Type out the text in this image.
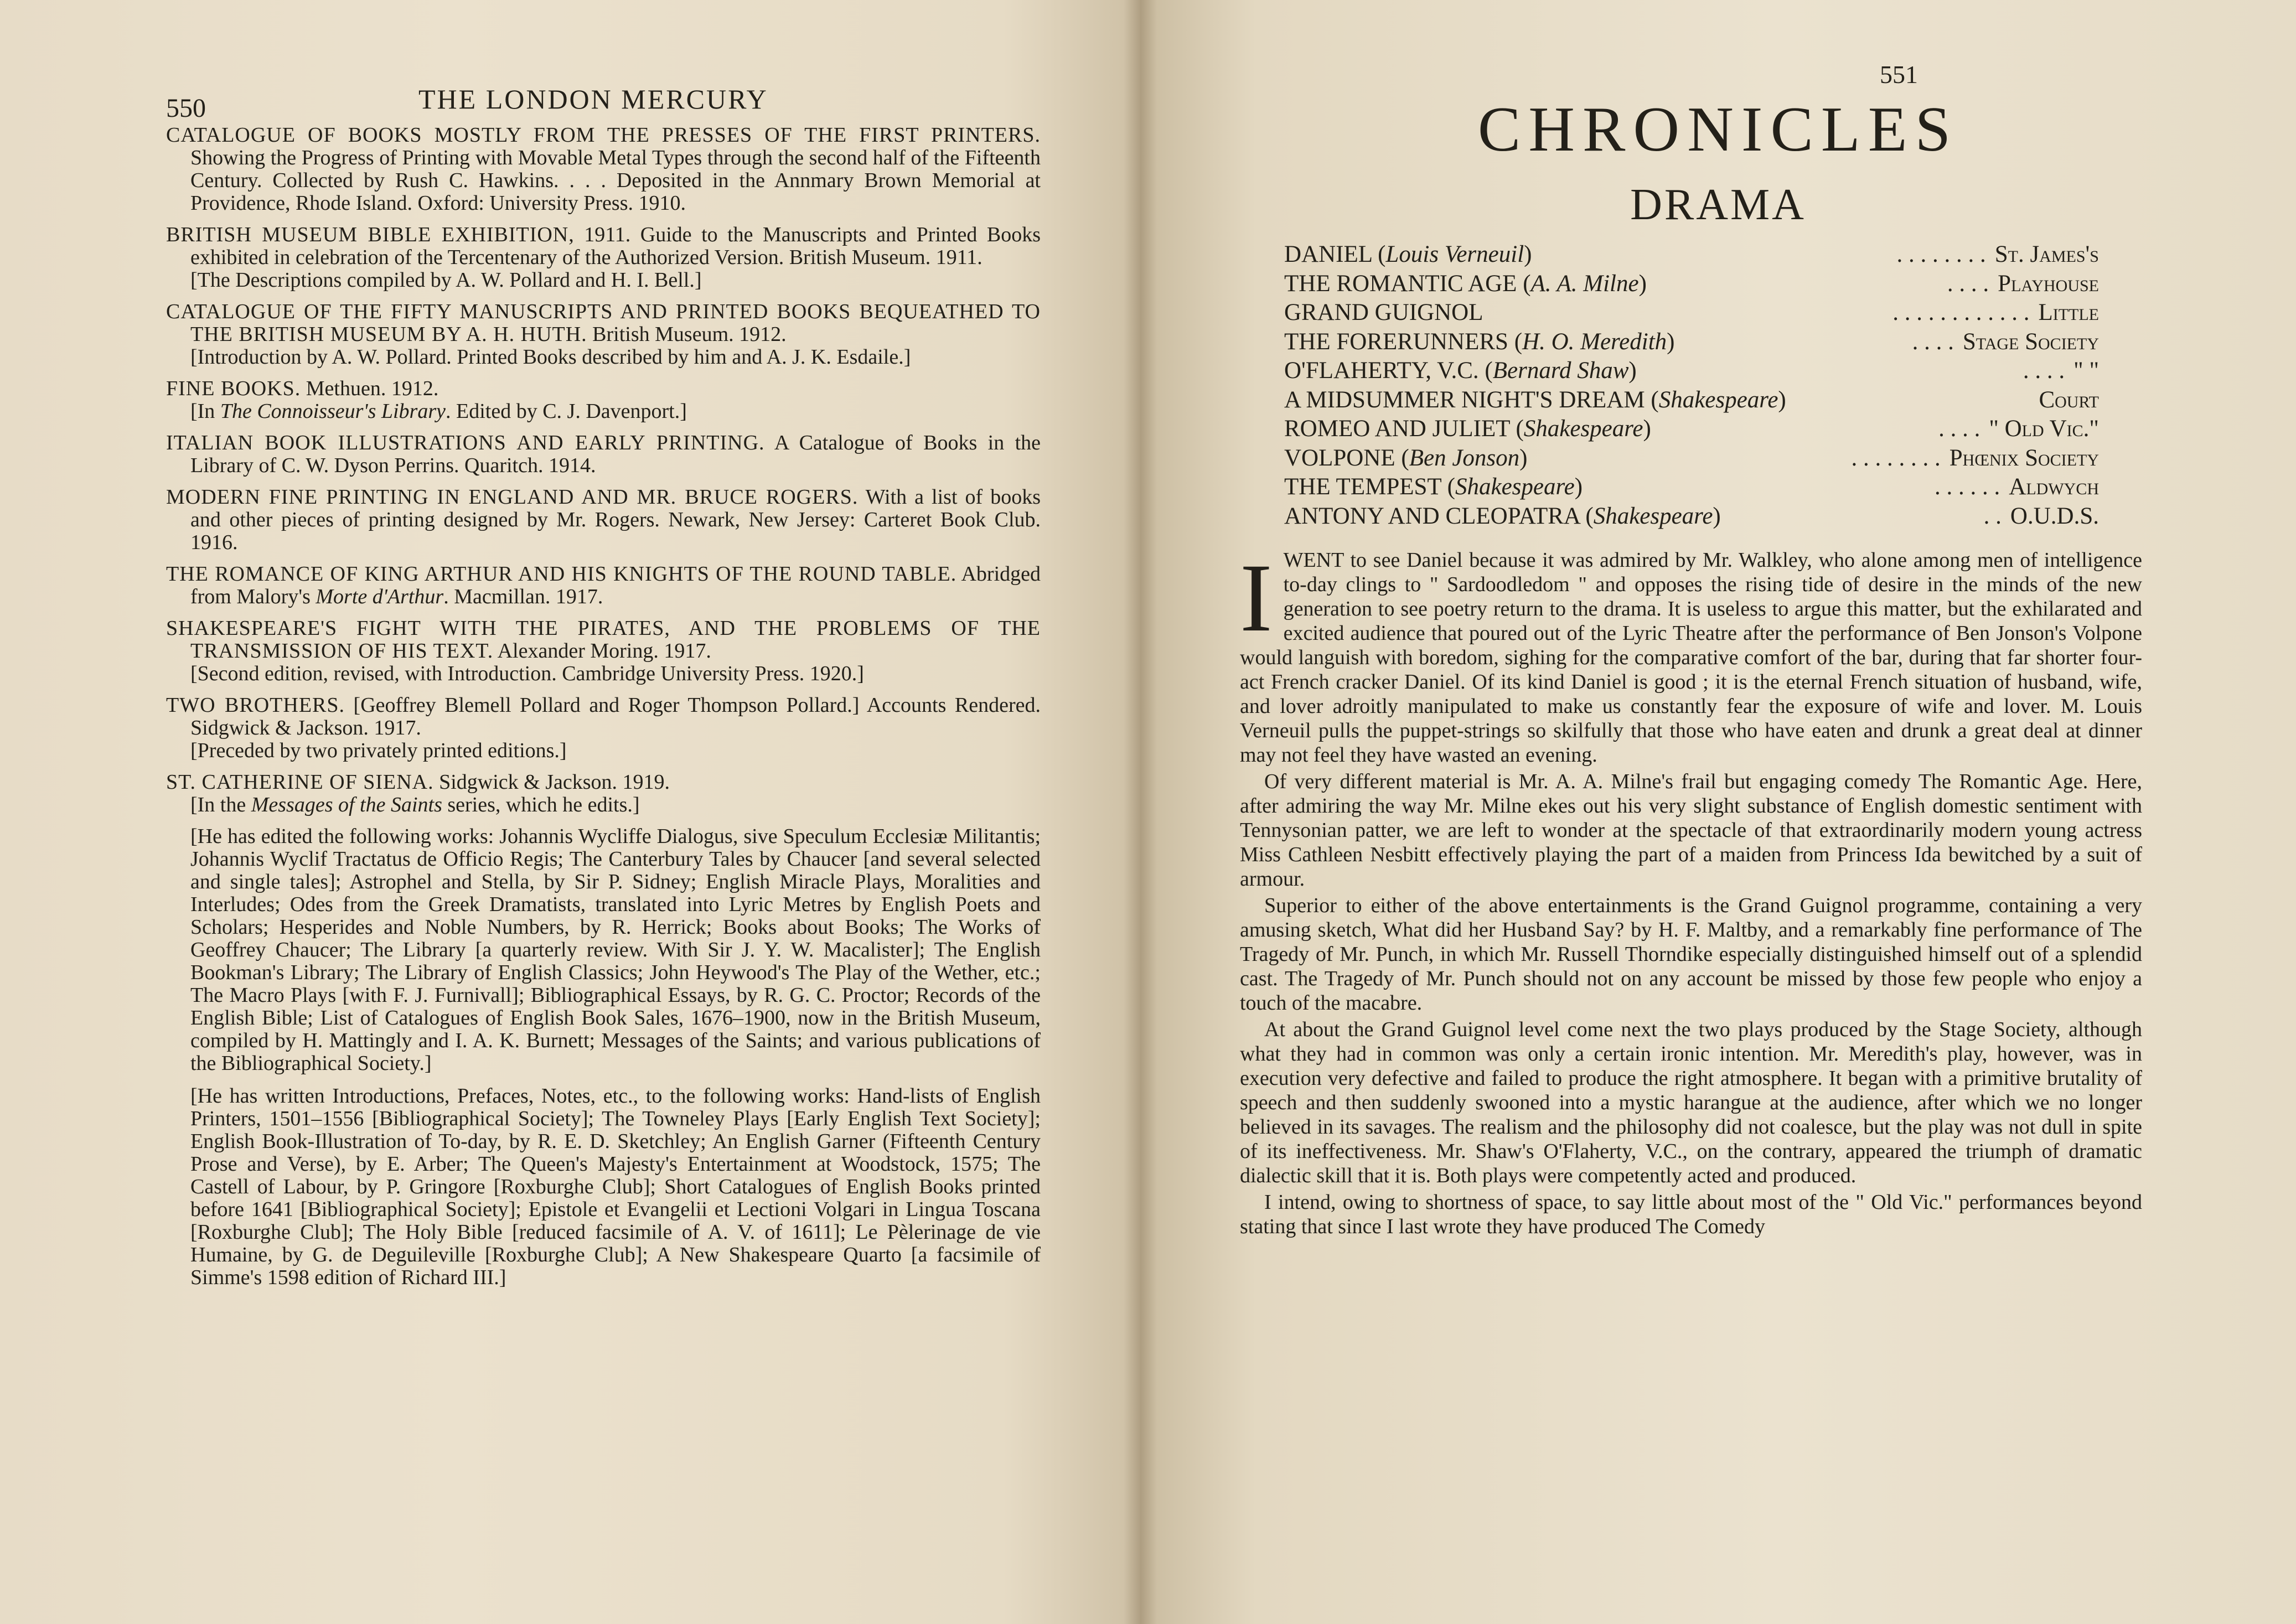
550	THE LONDON MERCURY
CATALOGUE OF BOOKS MOSTLY FROM THE PRESSES OF THE FIRST PRINTERS. Showing the Progress of Printing with Movable Metal Types through the second half of the Fifteenth Century. Collected by Rush C. Hawkins. . . . Deposited in the Annmary Brown Memorial at Providence, Rhode Island. Oxford: University Press. 1910.
BRITISH MUSEUM BIBLE EXHIBITION, 1911. Guide to the Manuscripts and Printed Books exhibited in celebration of the Tercentenary of the Authorized Version. British Museum. 1911.
[The Descriptions compiled by A. W. Pollard and H. I. Bell.]
CATALOGUE OF THE FIFTY MANUSCRIPTS AND PRINTED BOOKS BEQUEATHED TO THE BRITISH MUSEUM BY A. H. HUTH. British Museum. 1912.
[Introduction by A. W. Pollard. Printed Books described by him and A. J. K. Esdaile.]
FINE BOOKS. Methuen. 1912.
[In The Connoisseur's Library. Edited by C. J. Davenport.]
ITALIAN BOOK ILLUSTRATIONS AND EARLY PRINTING. A Catalogue of Books in the Library of C. W. Dyson Perrins. Quaritch. 1914.
MODERN FINE PRINTING IN ENGLAND AND MR. BRUCE ROGERS. With a list of books and other pieces of printing designed by Mr. Rogers. Newark, New Jersey: Carteret Book Club. 1916.
THE ROMANCE OF KING ARTHUR AND HIS KNIGHTS OF THE ROUND TABLE. Abridged from Malory's Morte d'Arthur. Macmillan. 1917.
SHAKESPEARE'S FIGHT WITH THE PIRATES, AND THE PROBLEMS OF THE TRANSMISSION OF HIS TEXT. Alexander Moring. 1917.
[Second edition, revised, with Introduction. Cambridge University Press. 1920.]
TWO BROTHERS. [Geoffrey Blemell Pollard and Roger Thompson Pollard.] Accounts Rendered. Sidgwick & Jackson. 1917.
[Preceded by two privately printed editions.]
ST. CATHERINE OF SIENA. Sidgwick & Jackson. 1919.
[In the Messages of the Saints series, which he edits.]

[He has edited the following works: Johannis Wycliffe Dialogus, sive Speculum Ecclesiæ Militantis; Johannis Wyclif Tractatus de Officio Regis; The Canterbury Tales by Chaucer [and several selected and single tales]; Astrophel and Stella, by Sir P. Sidney; English Miracle Plays, Moralities and Interludes; Odes from the Greek Dramatists, translated into Lyric Metres by English Poets and Scholars; Hesperides and Noble Numbers, by R. Herrick; Books about Books; The Works of Geoffrey Chaucer; The Library [a quarterly review. With Sir J. Y. W. Macalister]; The English Bookman's Library; The Library of English Classics; John Heywood's The Play of the Wether, etc.; The Macro Plays [with F. J. Furnivall]; Bibliographical Essays, by R. G. C. Proctor; Records of the English Bible; List of Catalogues of English Book Sales, 1676–1900, now in the British Museum, compiled by H. Mattingly and I. A. K. Burnett; Messages of the Saints; and various publications of the Bibliographical Society.]

[He has written Introductions, Prefaces, Notes, etc., to the following works: Hand-lists of English Printers, 1501–1556 [Bibliographical Society]; The Towneley Plays [Early English Text Society]; English Book-Illustration of To-day, by R. E. D. Sketchley; An English Garner (Fifteenth Century Prose and Verse), by E. Arber; The Queen's Majesty's Entertainment at Woodstock, 1575; The Castell of Labour, by P. Gringore [Roxburghe Club]; Short Catalogues of English Books printed before 1641 [Bibliographical Society]; Epistole et Evangelii et Lectioni Volgari in Lingua Toscana [Roxburghe Club]; The Holy Bible [reduced facsimile of A. V. of 1611]; Le Pèlerinage de vie Humaine, by G. de Deguileville [Roxburghe Club]; A New Shakespeare Quarto [a facsimile of Simme's 1598 edition of Richard III.]

551
CHRONICLES
DRAMA
DANIEL (Louis Verneuil)	. . . . . . . . St. James's
THE ROMANTIC AGE (A. A. Milne)	. . . . Playhouse
GRAND GUIGNOL	. . . . . . . . . . . . Little
THE FORERUNNERS (H. O. Meredith)	. . . . Stage Society
O'FLAHERTY, V.C. (Bernard Shaw)	. . . . " "
A MIDSUMMER NIGHT'S DREAM (Shakespeare)	Court
ROMEO AND JULIET (Shakespeare)	. . . . " Old Vic."
VOLPONE (Ben Jonson)	. . . . . . . . Phœnix Society
THE TEMPEST (Shakespeare)	. . . . . . Aldwych
ANTONY AND CLEOPATRA (Shakespeare)	. . O.U.D.S.

I WENT to see Daniel because it was admired by Mr. Walkley, who alone among men of intelligence to-day clings to " Sardoodledom " and opposes the rising tide of desire in the minds of the new generation to see poetry return to the drama. It is useless to argue this matter, but the exhilarated and excited audience that poured out of the Lyric Theatre after the performance of Ben Jonson's Volpone would languish with boredom, sighing for the comparative comfort of the bar, during that far shorter four-act French cracker Daniel. Of its kind Daniel is good ; it is the eternal French situation of husband, wife, and lover adroitly manipulated to make us constantly fear the exposure of wife and lover. M. Louis Verneuil pulls the puppet-strings so skilfully that those who have eaten and drunk a great deal at dinner may not feel they have wasted an evening.

Of very different material is Mr. A. A. Milne's frail but engaging comedy The Romantic Age. Here, after admiring the way Mr. Milne ekes out his very slight substance of English domestic sentiment with Tennysonian patter, we are left to wonder at the spectacle of that extraordinarily modern young actress Miss Cathleen Nesbitt effectively playing the part of a maiden from Princess Ida bewitched by a suit of armour.

Superior to either of the above entertainments is the Grand Guignol programme, containing a very amusing sketch, What did her Husband Say? by H. F. Maltby, and a remarkably fine performance of The Tragedy of Mr. Punch, in which Mr. Russell Thorndike especially distinguished himself out of a splendid cast. The Tragedy of Mr. Punch should not on any account be missed by those few people who enjoy a touch of the macabre.

At about the Grand Guignol level come next the two plays produced by the Stage Society, although what they had in common was only a certain ironic intention. Mr. Meredith's play, however, was in execution very defective and failed to produce the right atmosphere. It began with a primitive brutality of speech and then suddenly swooned into a mystic harangue at the audience, after which we no longer believed in its savages. The realism and the philosophy did not coalesce, but the play was not dull in spite of its ineffectiveness. Mr. Shaw's O'Flaherty, V.C., on the contrary, appeared the triumph of dramatic dialectic skill that it is. Both plays were competently acted and produced.

I intend, owing to shortness of space, to say little about most of the " Old Vic." performances beyond stating that since I last wrote they have produced The Comedy
